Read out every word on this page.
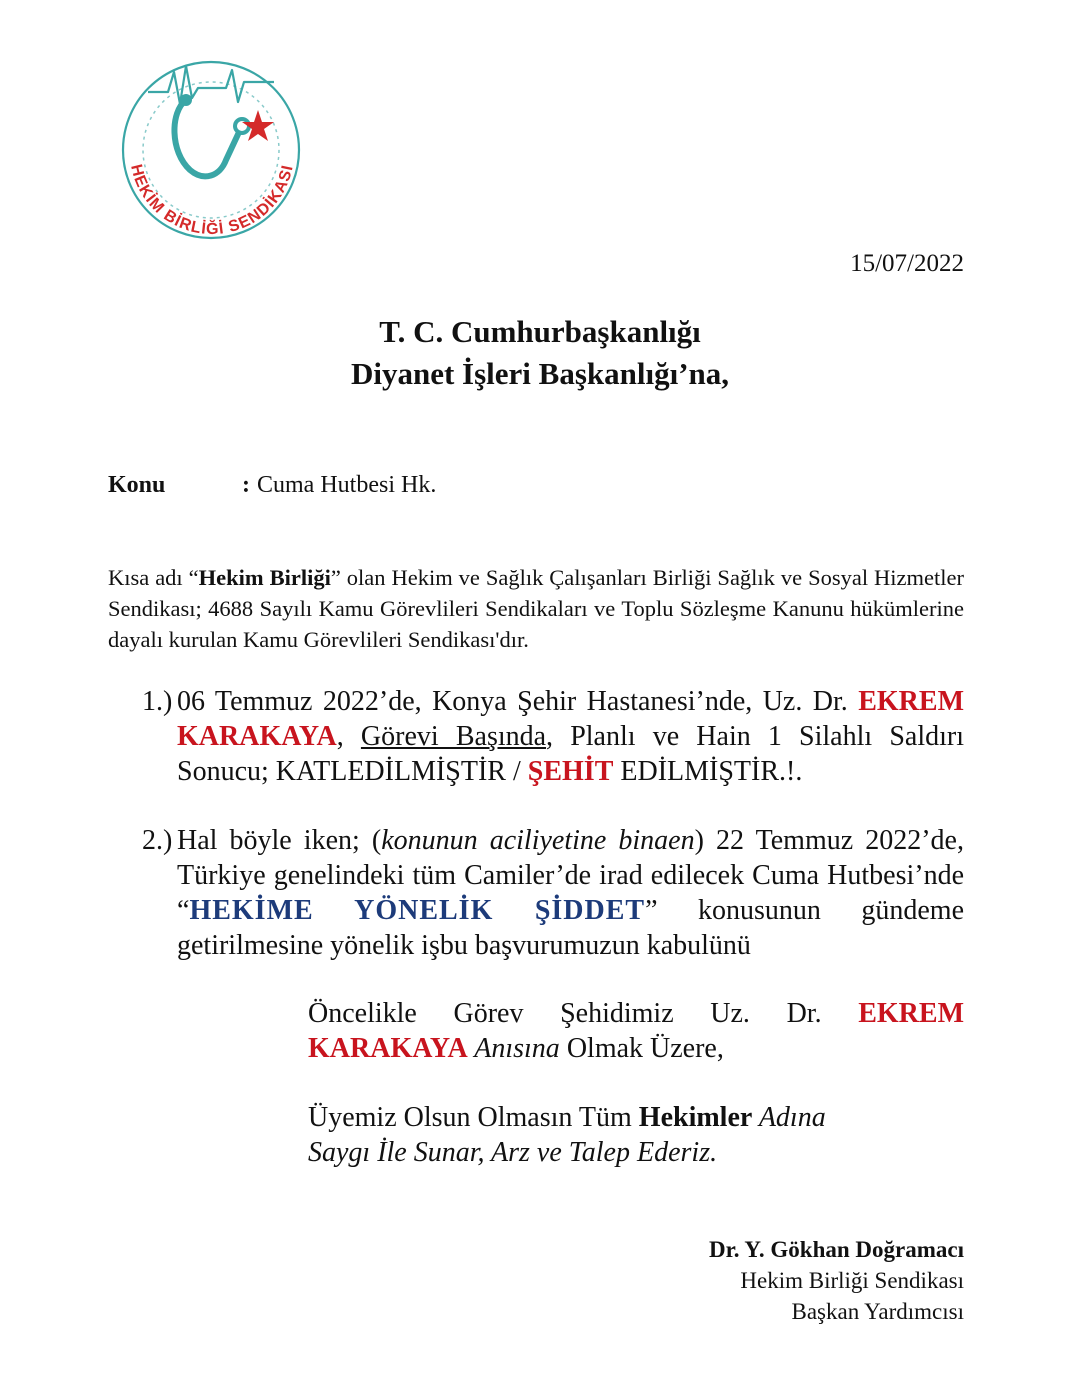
HEKİM BİRLİĞİ SENDİKASI
15/07/2022
T. C. Cumhurbaşkanlığı
Diyanet İşleri Başkanlığı’na,
Konu	: Cuma Hutbesi Hk.
Kısa adı “Hekim Birliği” olan Hekim ve Sağlık Çalışanları Birliği Sağlık ve Sosyal Hizmetler Sendikası; 4688 Sayılı Kamu Görevlileri Sendikaları ve Toplu Sözleşme Kanunu hükümlerine dayalı kurulan Kamu Görevlileri Sendikası'dır.
1.) 06 Temmuz 2022’de, Konya Şehir Hastanesi’nde, Uz. Dr. EKREM KARAKAYA, Görevi Başında, Planlı ve Hain 1 Silahlı Saldırı Sonucu; KATLEDİLMİŞTİR / ŞEHİT EDİLMİŞTİR.!.
2.) Hal böyle iken; (konunun aciliyetine binaen) 22 Temmuz 2022’de, Türkiye genelindeki tüm Camiler’de irad edilecek Cuma Hutbesi’nde “HEKİME YÖNELİK ŞİDDET” konusunun gündeme getirilmesine yönelik işbu başvurumuzun kabulünü
Öncelikle Görev Şehidimiz Uz. Dr. EKREM KARAKAYA Anısına Olmak Üzere,
Üyemiz Olsun Olmasın Tüm Hekimler Adına
Saygı İle Sunar, Arz ve Talep Ederiz.
Dr. Y. Gökhan Doğramacı
Hekim Birliği Sendikası
Başkan Yardımcısı
